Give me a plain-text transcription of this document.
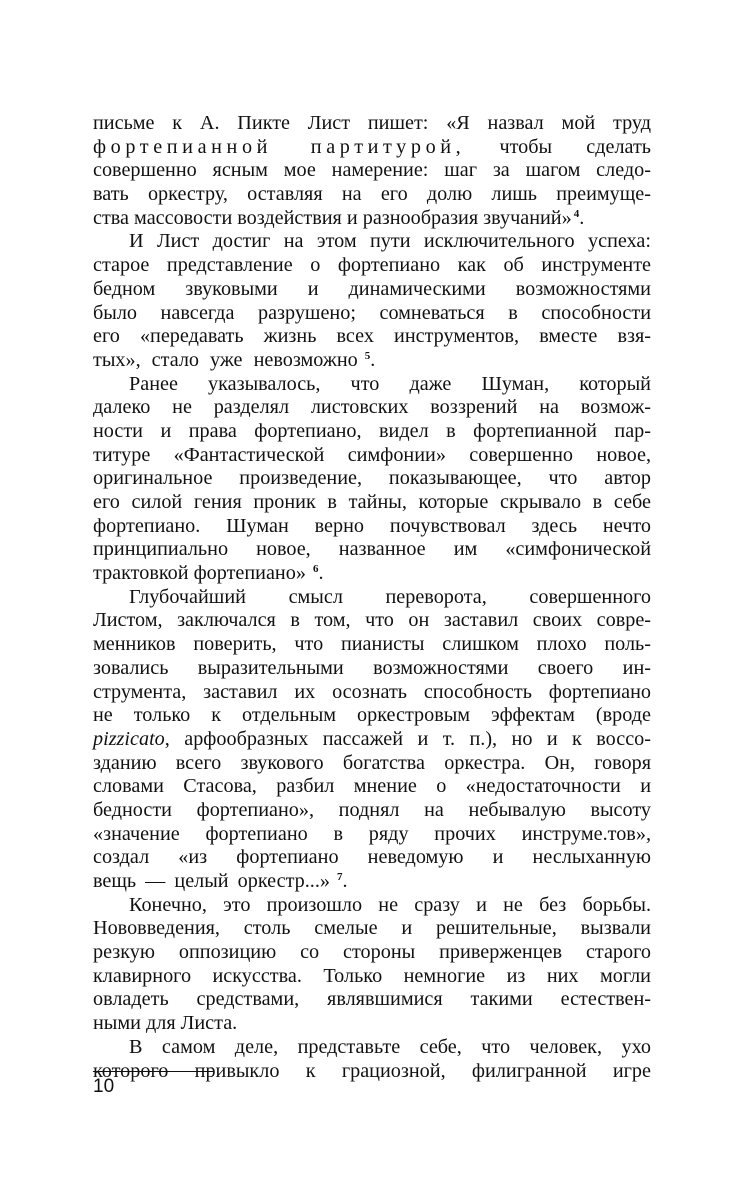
письме к А. Пикте Лист пишет: «Я назвал мой труд
фортепианной партитурой, чтобы сделать
совершенно ясным мое намерение: шаг за шагом следо-
вать оркестру, оставляя на его долю лишь преимуще-
ства массовости воздействия и разнообразия звучаний» $^4$.
И Лист достиг на этом пути исключительного успеха:
старое представление о фортепиано как об инструменте
бедном звуковыми и динамическими возможностями
было навсегда разрушено; сомневаться в способности
его «передавать жизнь всех инструментов, вместе взя-
тых», стало уже невозможно $^5$.
Ранее указывалось, что даже Шуман, который
далеко не разделял листовских воззрений на возмож-
ности и права фортепиано, видел в фортепианной пар-
титуре «Фантастической симфонии» совершенно новое,
оригинальное произведение, показывающее, что автор
его силой гения проник в тайны, которые скрывало в себе
фортепиано. Шуман верно почувствовал здесь нечто
принципиально новое, названное им «симфонической
трактовкой фортепиано» $^6$.
Глубочайший смысл переворота, совершенного
Листом, заключался в том, что он заставил своих совре-
менников поверить, что пианисты слишком плохо поль-
зовались выразительными возможностями своего ин-
струмента, заставил их осознать способность фортепиано
не только к отдельным оркестровым эффектам (вроде
pizzicato, арфообразных пассажей и т. п.), но и к воссо-
зданию всего звукового богатства оркестра. Он, говоря
словами Стасова, разбил мнение о «недостаточности и
бедности фортепиано», поднял на небывалую высоту
«значение фортепиано в ряду прочих инструме.тов»,
создал «из фортепиано неведомую и неслыханную
вещь — целый оркестр...» $^7$.
Конечно, это произошло не сразу и не без борьбы.
Нововведения, столь смелые и решительные, вызвали
резкую оппозицию со стороны приверженцев старого
клавирного искусства. Только немногие из них могли
овладеть средствами, являвшимися такими естествен-
ными для Листа.
В самом деле, представьте себе, что человек, ухо
которого привыкло к грациозной, филигранной игре
10
